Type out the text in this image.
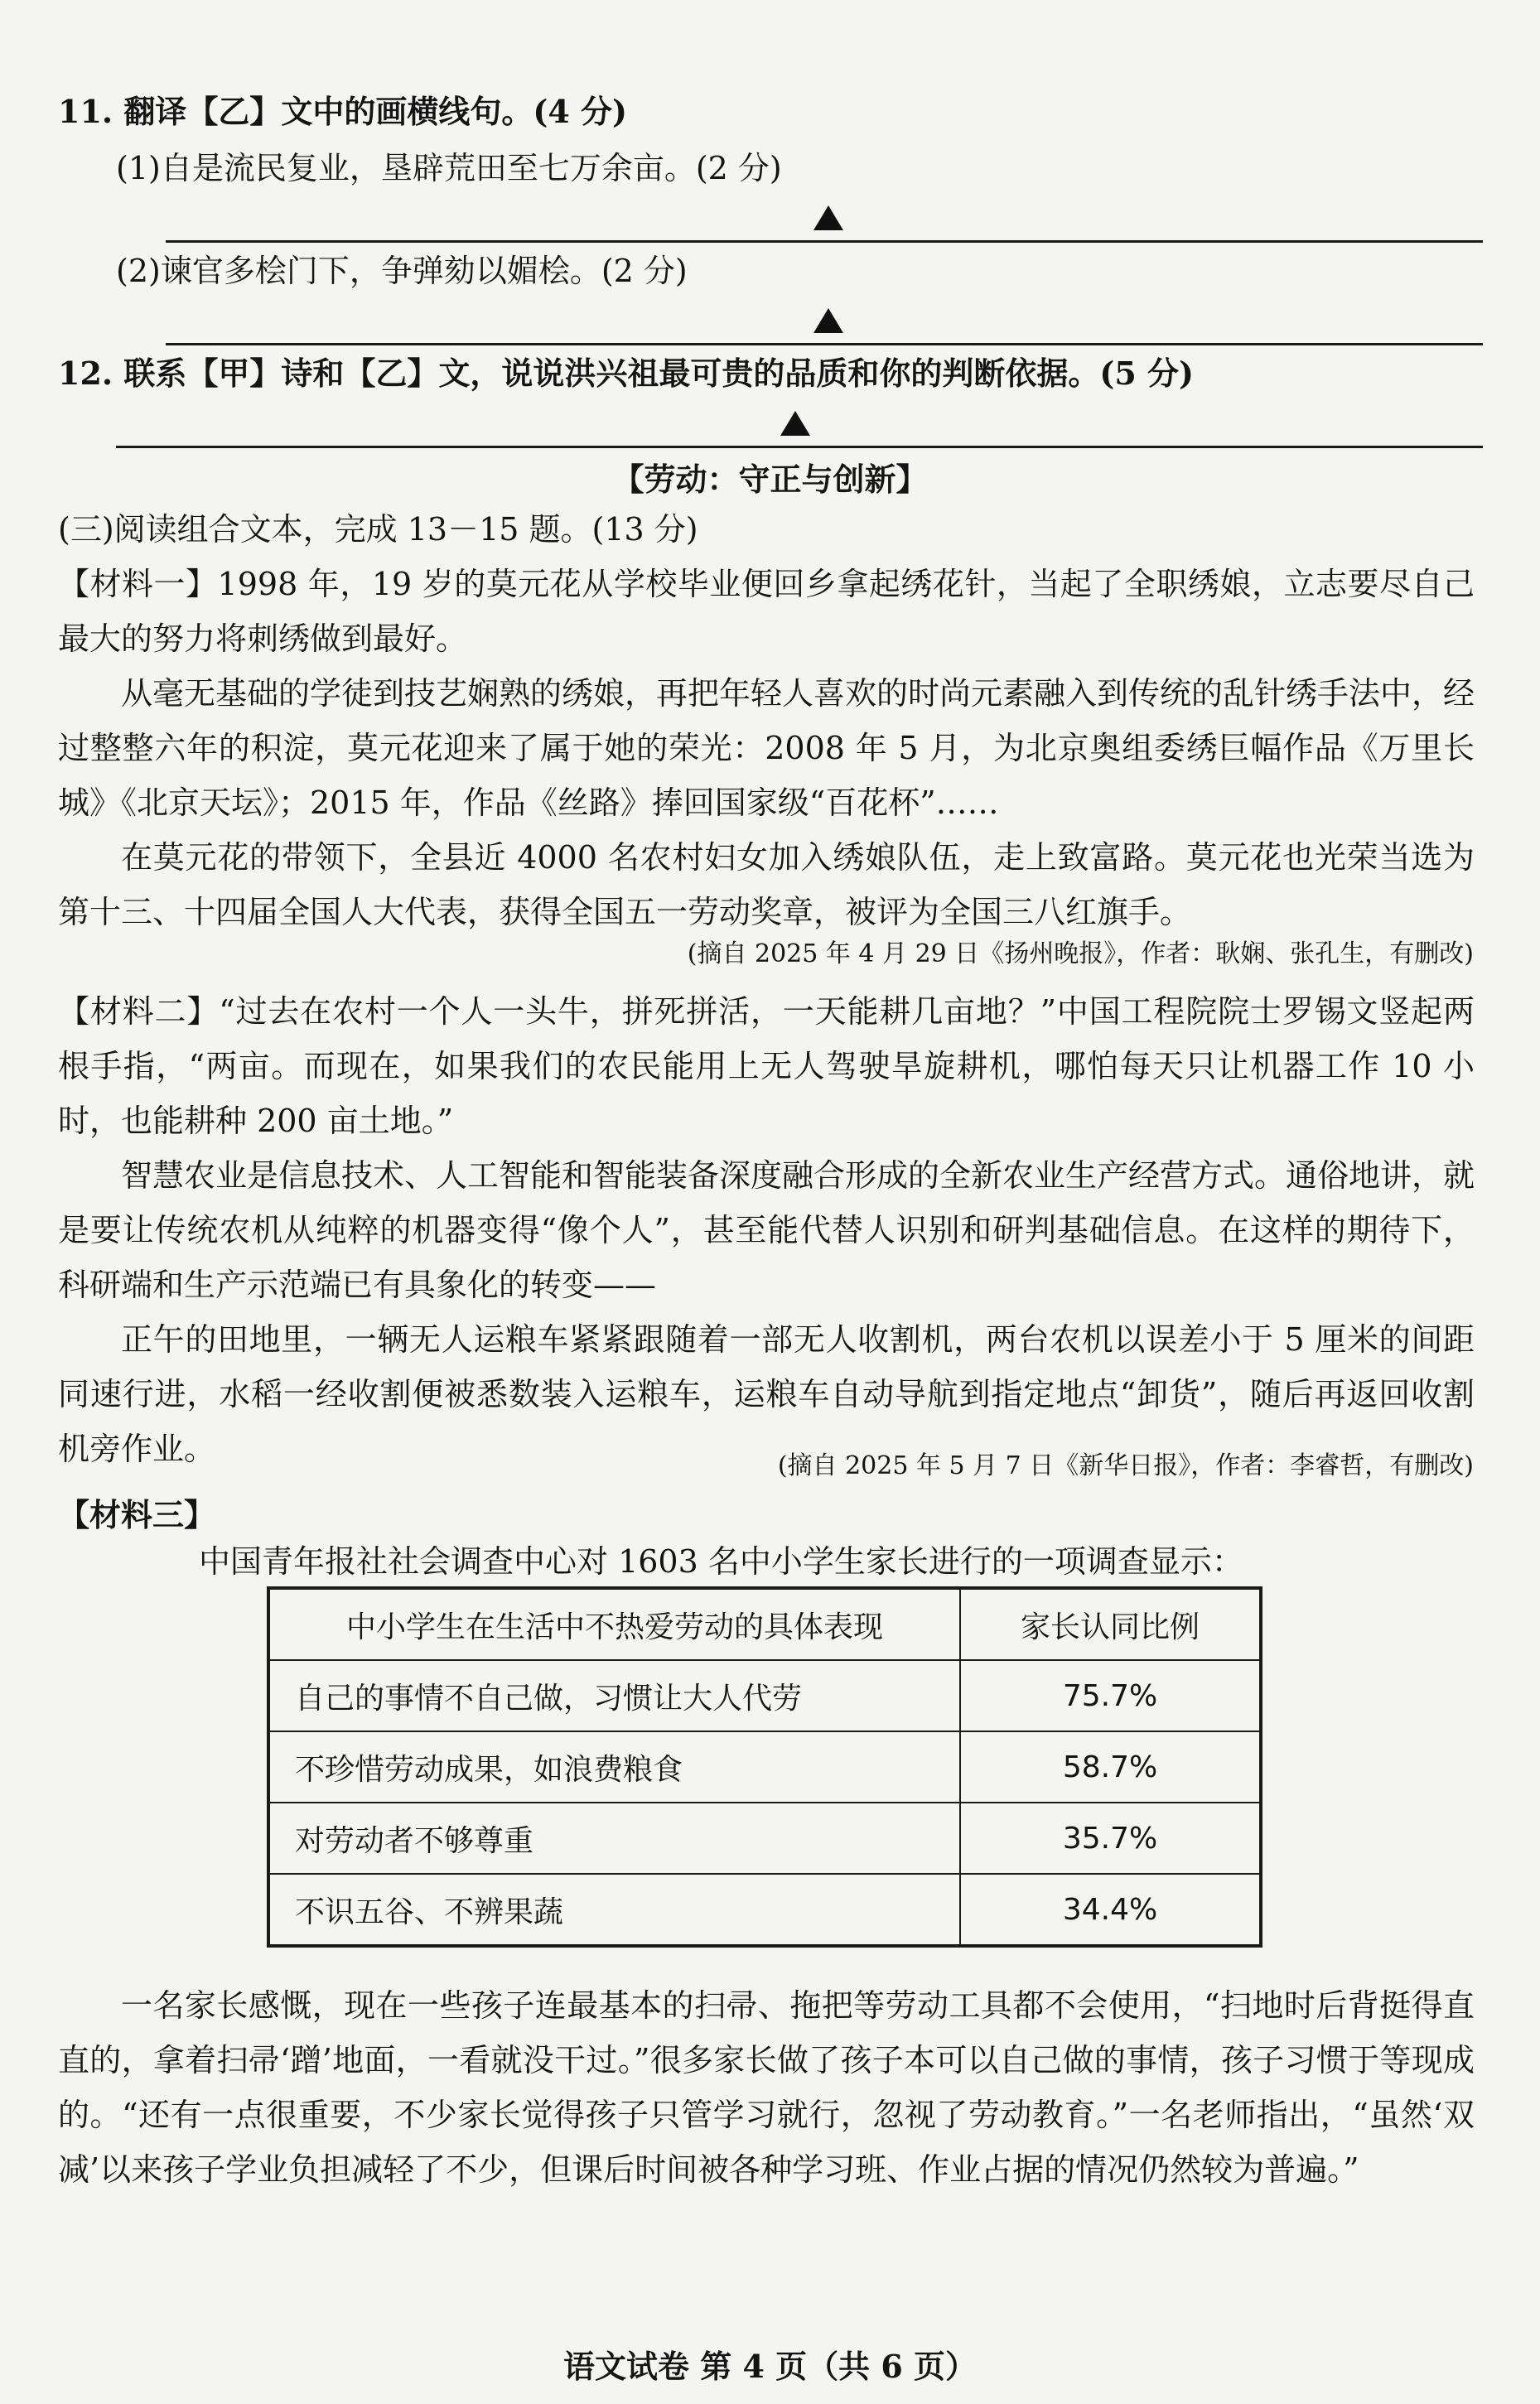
11. 翻译【乙】文中的画横线句。(4 分)
(1)自是流民复业，垦辟荒田至七万余亩。(2 分)
(2)谏官多桧门下，争弹劾以媚桧。(2 分)
12. 联系【甲】诗和【乙】文，说说洪兴祖最可贵的品质和你的判断依据。(5 分)
【劳动：守正与创新】
(三)阅读组合文本，完成 13－15 题。(13 分)
【材料一】1998 年，19 岁的莫元花从学校毕业便回乡拿起绣花针，当起了全职绣娘，立志要尽自己最大的努力将刺绣做到最好。
从毫无基础的学徒到技艺娴熟的绣娘，再把年轻人喜欢的时尚元素融入到传统的乱针绣手法中，经过整整六年的积淀，莫元花迎来了属于她的荣光：2008 年 5 月，为北京奥组委绣巨幅作品《万里长城》《北京天坛》；2015 年，作品《丝路》捧回国家级“百花杯”……
在莫元花的带领下，全县近 4000 名农村妇女加入绣娘队伍，走上致富路。莫元花也光荣当选为第十三、十四届全国人大代表，获得全国五一劳动奖章，被评为全国三八红旗手。
(摘自 2025 年 4 月 29 日《扬州晚报》，作者：耿娴、张孔生，有删改)
【材料二】“过去在农村一个人一头牛，拼死拼活，一天能耕几亩地？”中国工程院院士罗锡文竖起两根手指，“两亩。而现在，如果我们的农民能用上无人驾驶旱旋耕机，哪怕每天只让机器工作 10 小时，也能耕种 200 亩土地。”
智慧农业是信息技术、人工智能和智能装备深度融合形成的全新农业生产经营方式。通俗地讲，就是要让传统农机从纯粹的机器变得“像个人”，甚至能代替人识别和研判基础信息。在这样的期待下，科研端和生产示范端已有具象化的转变——
正午的田地里，一辆无人运粮车紧紧跟随着一部无人收割机，两台农机以误差小于 5 厘米的间距同速行进，水稻一经收割便被悉数装入运粮车，运粮车自动导航到指定地点“卸货”，随后再返回收割机旁作业。	(摘自 2025 年 5 月 7 日《新华日报》，作者：李睿哲，有删改)
【材料三】
中国青年报社社会调查中心对 1603 名中小学生家长进行的一项调查显示：
中小学生在生活中不热爱劳动的具体表现	家长认同比例
自己的事情不自己做，习惯让大人代劳	75.7%
不珍惜劳动成果，如浪费粮食	58.7%
对劳动者不够尊重	35.7%
不识五谷、不辨果蔬	34.4%
一名家长感慨，现在一些孩子连最基本的扫帚、拖把等劳动工具都不会使用，“扫地时后背挺得直直的，拿着扫帚‘蹭’地面，一看就没干过。”很多家长做了孩子本可以自己做的事情，孩子习惯于等现成的。“还有一点很重要，不少家长觉得孩子只管学习就行，忽视了劳动教育。”一名老师指出，“虽然‘双减’以来孩子学业负担减轻了不少，但课后时间被各种学习班、作业占据的情况仍然较为普遍。”
语文试卷 第 4 页（共 6 页）
